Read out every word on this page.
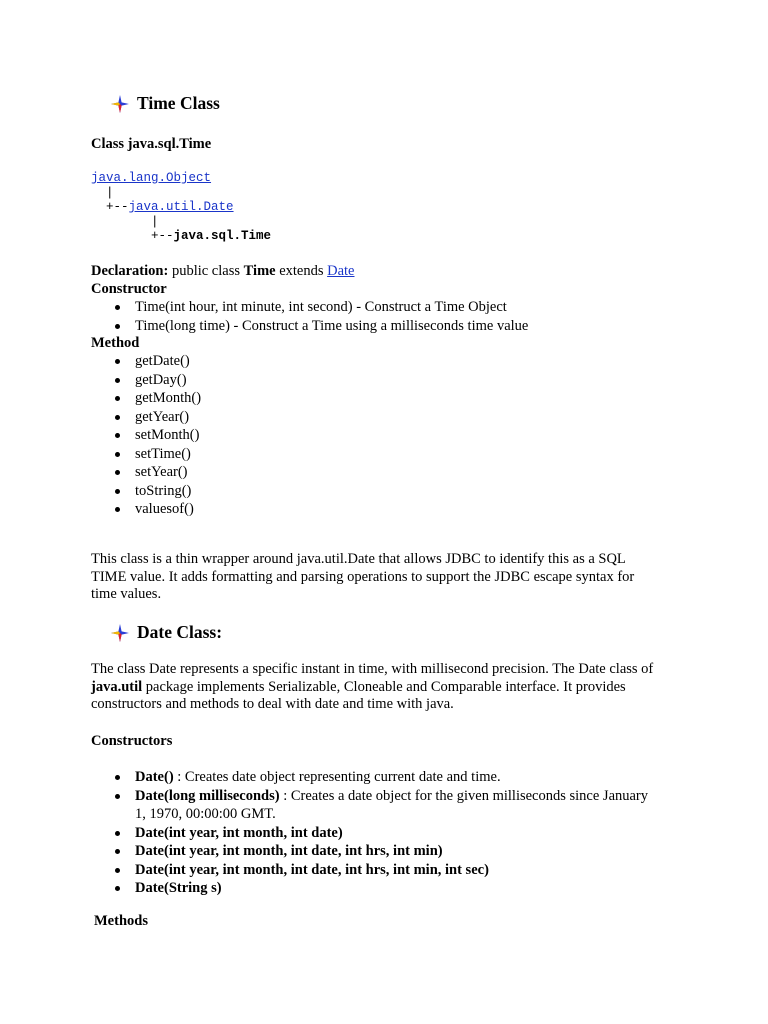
Time Class
Class java.sql.Time
java.lang.Object
|
+--java.util.Date
|
+--java.sql.Time
Declaration: public class Time extends Date
Constructor
Time(int hour, int minute, int second) - Construct a Time Object
Time(long time) - Construct a Time using a milliseconds time value
Method
getDate()
getDay()
getMonth()
getYear()
setMonth()
setTime()
setYear()
toString()
valuesof()
This class is a thin wrapper around java.util.Date that allows JDBC to identify this as a SQL
TIME value. It adds formatting and parsing operations to support the JDBC escape syntax for
time values.
Date Class:
The class Date represents a specific instant in time, with millisecond precision. The Date class of
java.util package implements Serializable, Cloneable and Comparable interface. It provides
constructors and methods to deal with date and time with java.
Constructors
Date() : Creates date object representing current date and time.
Date(long milliseconds) : Creates a date object for the given milliseconds since January
1, 1970, 00:00:00 GMT.
Date(int year, int month, int date)
Date(int year, int month, int date, int hrs, int min)
Date(int year, int month, int date, int hrs, int min, int sec)
Date(String s)
Methods
